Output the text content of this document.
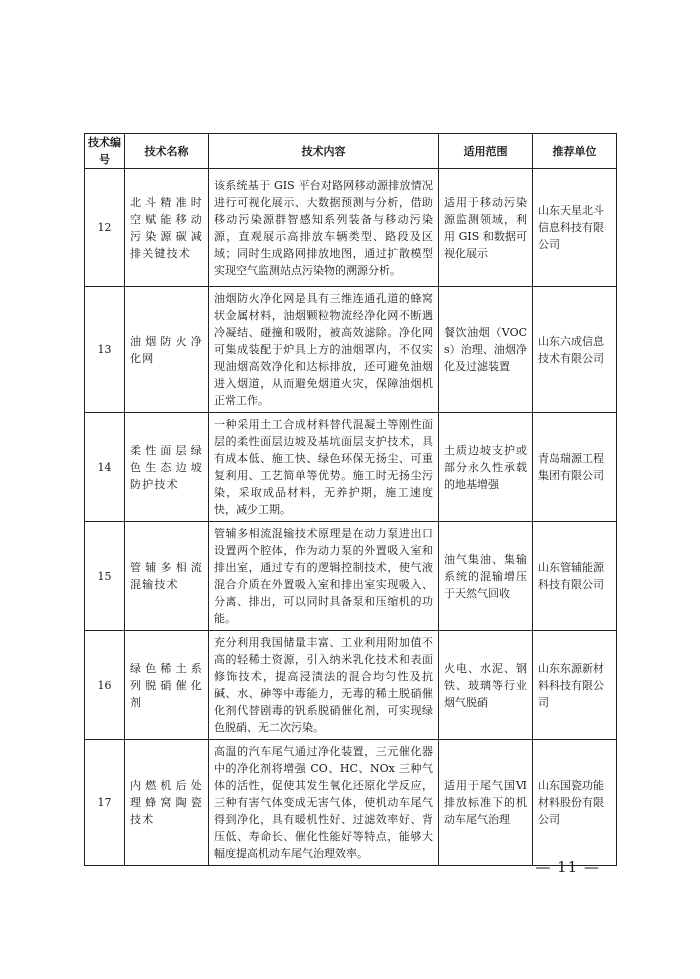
技术编号	技术名称	技术内容	适用范围	推荐单位
12	北斗精准时空赋能移动污染源碳减排关键技术	该系统基于 GIS 平台对路网移动源排放情况进行可视化展示、大数据预测与分析，借助移动污染源群智感知系列装备与移动污染源，直观展示高排放车辆类型、路段及区域；同时生成路网排放地图，通过扩散模型实现空气监测站点污染物的溯源分析。	适用于移动污染源监测领域，利用 GIS 和数据可视化展示	山东天星北斗信息科技有限公司
13	油烟防火净化网	油烟防火净化网是具有三维连通孔道的蜂窝状金属材料，油烟颗粒物流经净化网不断遇冷凝结、碰撞和吸附，被高效滤除。净化网可集成装配于炉具上方的油烟罩内，不仅实现油烟高效净化和达标排放，还可避免油烟进入烟道，从而避免烟道火灾，保障油烟机正常工作。	餐饮油烟（VOCs）治理、油烟净化及过滤装置	山东六成信息技术有限公司
14	柔性面层绿色生态边坡防护技术	一种采用土工合成材料替代混凝土等刚性面层的柔性面层边坡及基坑面层支护技术，具有成本低、施工快、绿色环保无扬尘、可重复利用、工艺简单等优势。施工时无扬尘污染，采取成品材料，无养护期，施工速度快，减少工期。	土质边坡支护或部分永久性承载的地基增强	青岛瑞源工程集团有限公司
15	管辅多相流混输技术	管辅多相流混输技术原理是在动力泵进出口设置两个腔体，作为动力泵的外置吸入室和排出室，通过专有的逻辑控制技术，使气液混合介质在外置吸入室和排出室实现吸入、分离、排出，可以同时具备泵和压缩机的功能。	油气集油、集输系统的混输增压于天然气回收	山东管辅能源科技有限公司
16	绿色稀土系列脱硝催化剂	充分利用我国储量丰富、工业利用附加值不高的轻稀土资源，引入纳米乳化技术和表面修饰技术，提高浸渍法的混合均匀性及抗碱、水、砷等中毒能力，无毒的稀土脱硝催化剂代替剧毒的钒系脱硝催化剂，可实现绿色脱硝、无二次污染。	火电、水泥、钢铁、玻璃等行业烟气脱硝	山东东源新材料科技有限公司
17	内燃机后处理蜂窝陶瓷技术	高温的汽车尾气通过净化装置，三元催化器中的净化剂将增强 CO、HC、NOx 三种气体的活性，促使其发生氧化还原化学反应，三种有害气体变成无害气体，使机动车尾气得到净化，具有暖机性好、过滤效率好、背压低、寿命长、催化性能好等特点，能够大幅度提高机动车尾气治理效率。	适用于尾气国Ⅵ排放标准下的机动车尾气治理	山东国瓷功能材料股份有限公司
— 11 —
